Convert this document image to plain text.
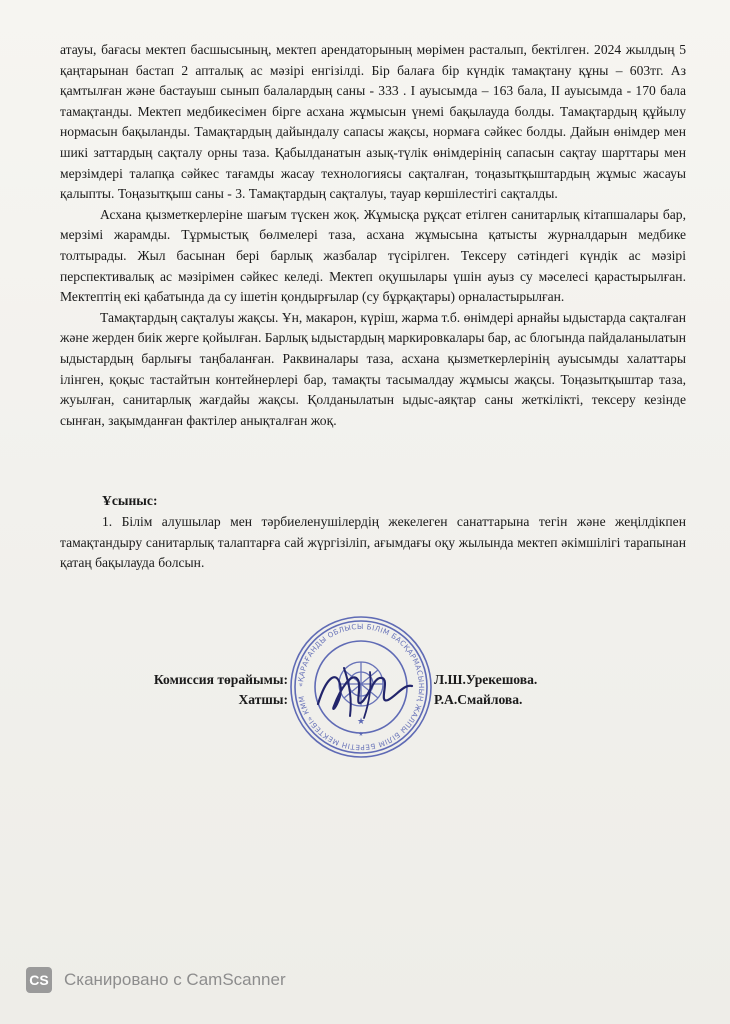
атауы, бағасы мектеп басшысының, мектеп арендаторының мөрімен расталып, бектілген. 2024 жылдың 5 қаңтарынан бастап 2 апталық ас мәзірі енгізілді. Бір балаға бір күндік тамақтану құны – 603тг. Аз қамтылған және бастауыш сынып балалардың саны - 333 . I ауысымда – 163 бала, II ауысымда - 170 бала тамақтанды. Мектеп медбикесімен бірге асхана жұмысын үнемі бақылауда болды. Тамақтардың құйылу нормасын бақыланды. Тамақтардың дайындалу сапасы жақсы, нормаға сәйкес болды. Дайын өнімдер мен шикі заттардың сақталу орны таза. Қабылданатын азық-түлік өнімдерінің сапасын сақтау шарттары мен мерзімдері талапқа сәйкес тағамды жасау технологиясы сақталған, тоңазытқыштардың жұмыс жасауы қалыпты. Тоңазытқыш саны - 3. Тамақтардың сақталуы, тауар көршілестігі сақталды.

Асхана қызметкерлеріне шағым түскен жоқ. Жұмысқа рұқсат етілген санитарлық кітапшалары бар, мерзімі жарамды. Тұрмыстық бөлмелері таза, асхана жұмысына қатысты журналдарын медбике толтырады. Жыл басынан бері барлық жазбалар түсірілген. Тексеру сәтіндегі күндік ас мәзірі перспективалық ас мәзірімен сәйкес келеді. Мектеп оқушылары үшін ауыз су мәселесі қарастырылған. Мектептің екі қабатында да су ішетін қондырғылар (су бұрқақтары) орналастырылған.

Тамақтардың сақталуы жақсы. Ұн, макарон, күріш, жарма т.б. өнімдері арнайы ыдыстарда сақталған және жерден биік жерге қойылған. Барлық ыдыстардың маркировкалары бар, ас блогында пайдаланылатын ыдыстардың барлығы таңбаланған. Раквиналары таза, асхана қызметкерлерінің ауысымды халаттары ілінген, қоқыс тастайтын контейнерлері бар, тамақты тасымалдау жұмысы жақсы. Тоңазытқыштар таза, жуылған, санитарлық жағдайы жақсы. Қолданылатын ыдыс-аяқтар саны жеткілікті, тексеру кезінде сынған, зақымданған фактілер анықталған жоқ.

Ұсыныс:

1. Білім алушылар мен тәрбиеленушілердің жекелеген санаттарына тегін және жеңілдікпен тамақтандыру санитарлық талаптарға сай жүргізіліп, ағымдағы оқу жылында мектеп әкімшілігі тарапынан қатаң бақылауда болсын.

«ҚАРАҒАНДЫ ОБЛЫСЫ БІЛІМ БАСҚАРМАСЫНЫҢ ЖАЛПЫ БІЛІМ БЕРЕТІН МЕКТЕБІ» КММ
★
★
Комиссия төрайымы:
Хатшы:
Л.Ш.Урекешова.
Р.А.Смайлова.
CS Сканировано с CamScanner
